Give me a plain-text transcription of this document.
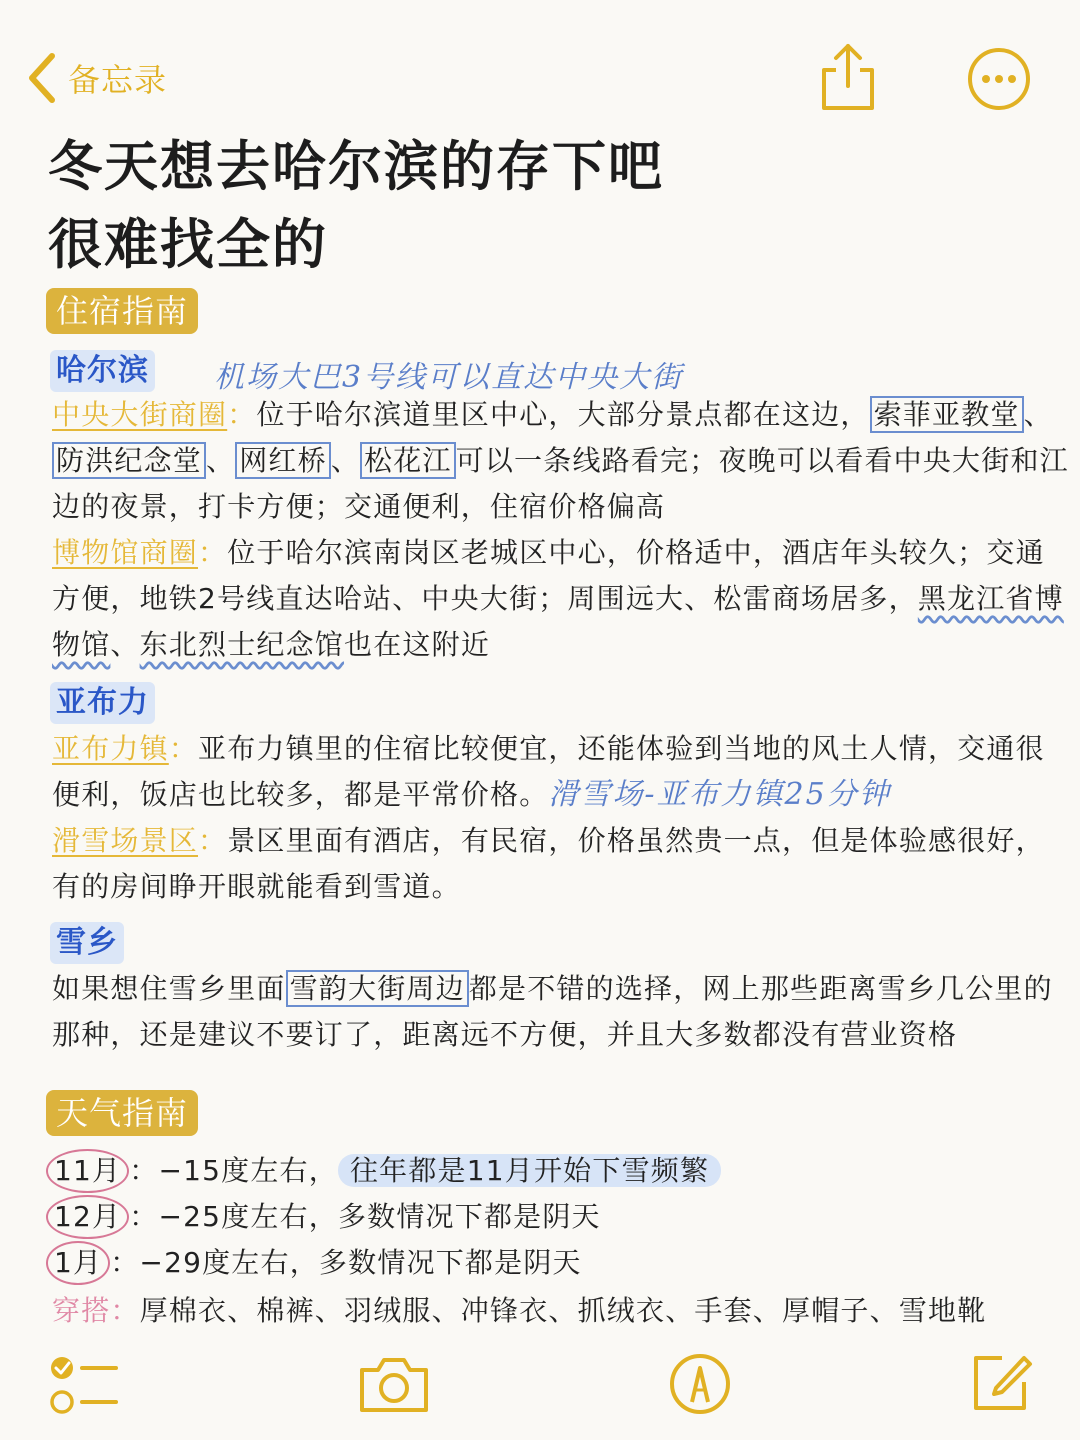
备忘录
冬天想去哈尔滨的存下吧
很难找全的
住宿指南
哈尔滨 机场大巴3号线可以直达中央大街
中央大街商圈：位于哈尔滨道里区中心，大部分景点都在这边， 索菲亚教堂 、
防洪纪念堂 、 网红桥 、 松花江 可以一条线路看完；夜晚可以看看中央大街和江
边的夜景，打卡方便；交通便利，住宿价格偏高
博物馆商圈：位于哈尔滨南岗区老城区中心，价格适中，酒店年头较久；交通
方便，地铁2号线直达哈站、中央大街；周围远大、松雷商场居多，黑龙江省博
物馆、东北烈士纪念馆也在这附近
亚布力
亚布力镇：亚布力镇里的住宿比较便宜，还能体验到当地的风土人情，交通很
便利，饭店也比较多，都是平常价格。滑雪场-亚布力镇25分钟
滑雪场景区：景区里面有酒店，有民宿，价格虽然贵一点，但是体验感很好，
有的房间睁开眼就能看到雪道。
雪乡
如果想住雪乡里面 雪韵大街周边 都是不错的选择，网上那些距离雪乡几公里的
那种，还是建议不要订了，距离远不方便，并且大多数都没有营业资格
天气指南
11月 ：−15度左右， 往年都是11月开始下雪频繁
12月 ：−25度左右，多数情况下都是阴天
1月 ：−29度左右，多数情况下都是阴天
穿搭：厚棉衣、棉裤、羽绒服、冲锋衣、抓绒衣、手套、厚帽子、雪地靴
